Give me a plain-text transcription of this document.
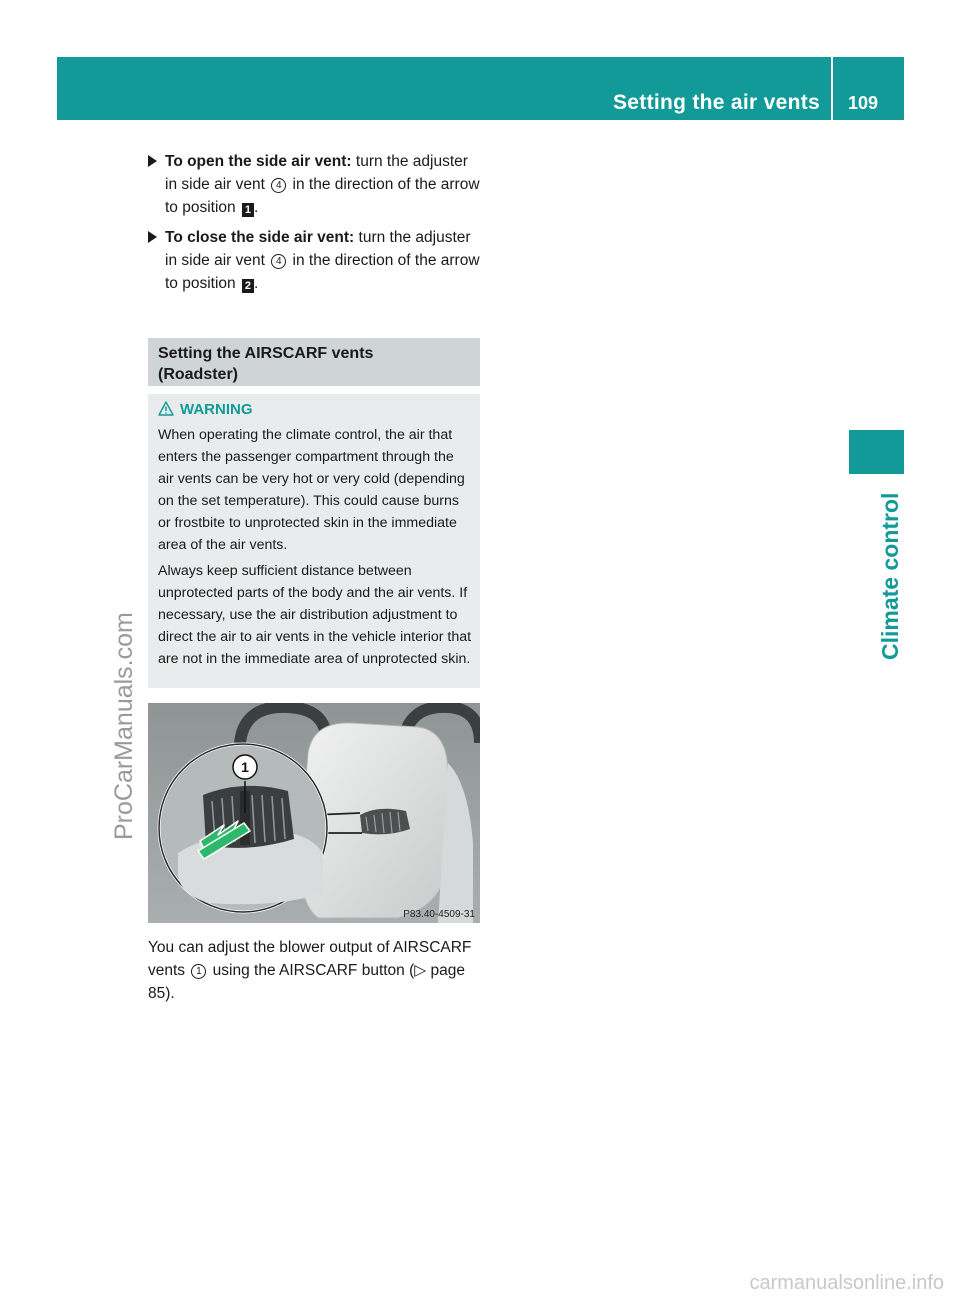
Setting the air vents 109
Climate control
ProCarManuals.com
carmanualsonline.info
To open the side air vent: turn the adjuster in side air vent 4 in the direction of the arrow to position 1 .
To close the side air vent: turn the adjuster in side air vent 4 in the direction of the arrow to position 2 .
Setting the AIRSCARF vents
(Roadster)
WARNING
When operating the climate control, the air that enters the passenger compartment through the air vents can be very hot or very cold (depending on the set temperature). This could cause burns or frostbite to unprotected skin in the immediate area of the air vents.
Always keep sufficient distance between unprotected parts of the body and the air vents. If necessary, use the air distribution adjustment to direct the air to air vents in the vehicle interior that are not in the immediate area of unprotected skin.
1
P83.40-4509-31
You can adjust the blower output of AIRSCARF vents 1 using the AIRSCARF button (▷ page 85).
